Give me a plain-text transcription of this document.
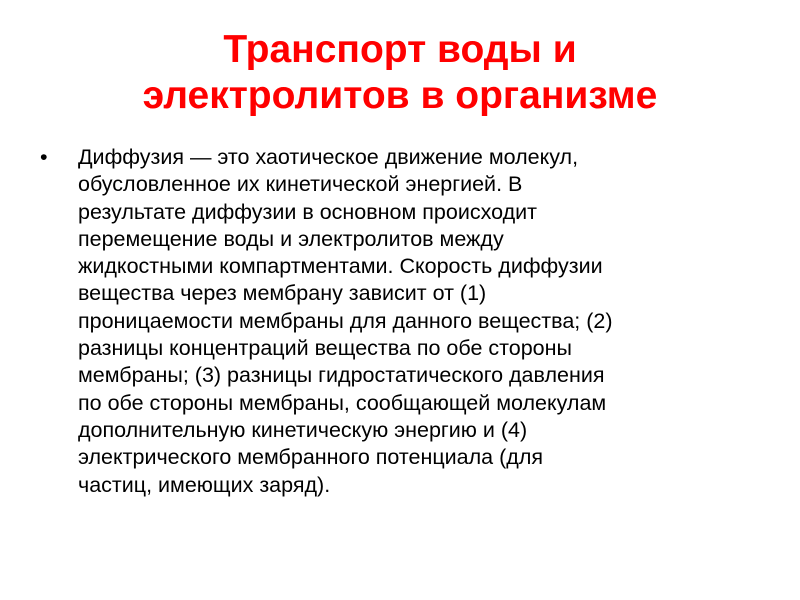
Транспорт воды и
электролитов в организме
• Диффузия — это хаотическое движение молекул,
обусловленное их кинетической энергией. В
результате диффузии в основном происходит
перемещение воды и электролитов между
жидкостными компартментами. Скорость диффузии
вещества через мембрану зависит от (1)
проницаемости мембраны для данного вещества; (2)
разницы концентраций вещества по обе стороны
мембраны; (3) разницы гидростатического давления
по обе стороны мембраны, сообщающей молекулам
дополнительную кинетическую энергию и (4)
электрического мембранного потенциала (для
частиц, имеющих заряд).
